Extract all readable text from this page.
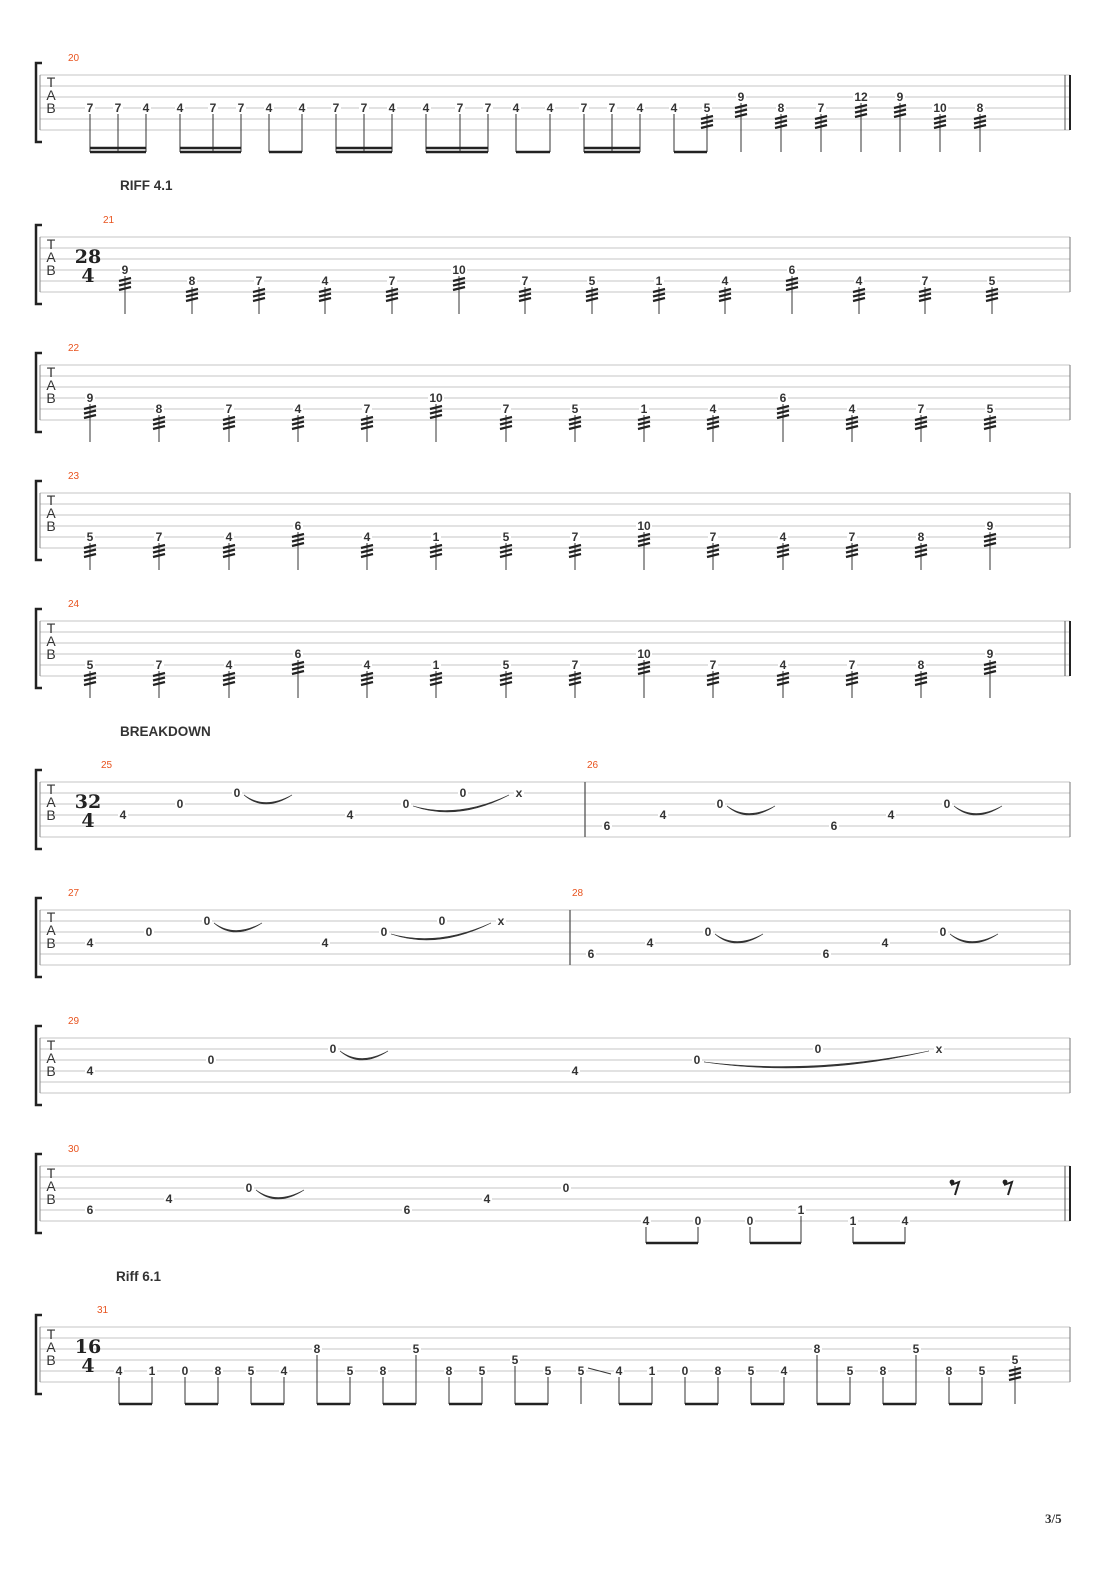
T
A
B
20
7 7 4 4 7 7 4 4 7 7 4 4 7 7 4 4 7 7 4 4 5
9
8	7
12 9
10 8
T
A
B
21
RIFF 4.1
28
4 9
8	7	4	7
10
7	5	1	4
6
4	7	5
T
A
B
22
9
8	7	4	7
10
7	5	1	4
6
4	7	5
T
A
B
23
5	7	4
6
4	1	5	7
10
7	4	7	8
9
T
A
B
24
5	7	4
6
4	1	5	7
10
7	4	7	8
9
T
A
B
25	26
BREAKDOWN
32
4 4
0
0
4
0
0	x
6
4
0
6
4
0
T
A
B
27	28
4
0
0
4
0
0	x
6
4
0
6
4
0
T
A
B
29
4
0
0
4
0
0	x
T
A
B
30
6
4
0
6
4
0
4	0	0
1
1	4
T
A
B
31
Riff 6.1
16
4 4 1 0 8 5 4
8
5 8
5
8 5
5
5 5	4 1 0 8 5 4
8
5 8
5
8 5
5
3/5
